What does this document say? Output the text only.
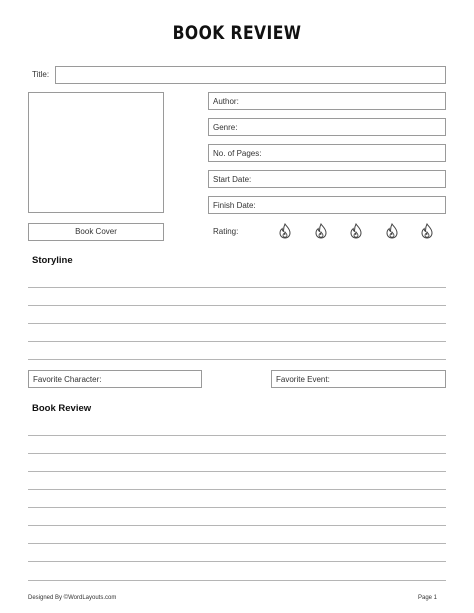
BOOK REVIEW
Title:
Book Cover
Author:
Genre:
No. of Pages:
Start Date:
Finish Date:
Rating:
Storyline
Favorite Character:	Favorite Event:
Book Review
Designed By ©WordLayouts.com	Page 1
